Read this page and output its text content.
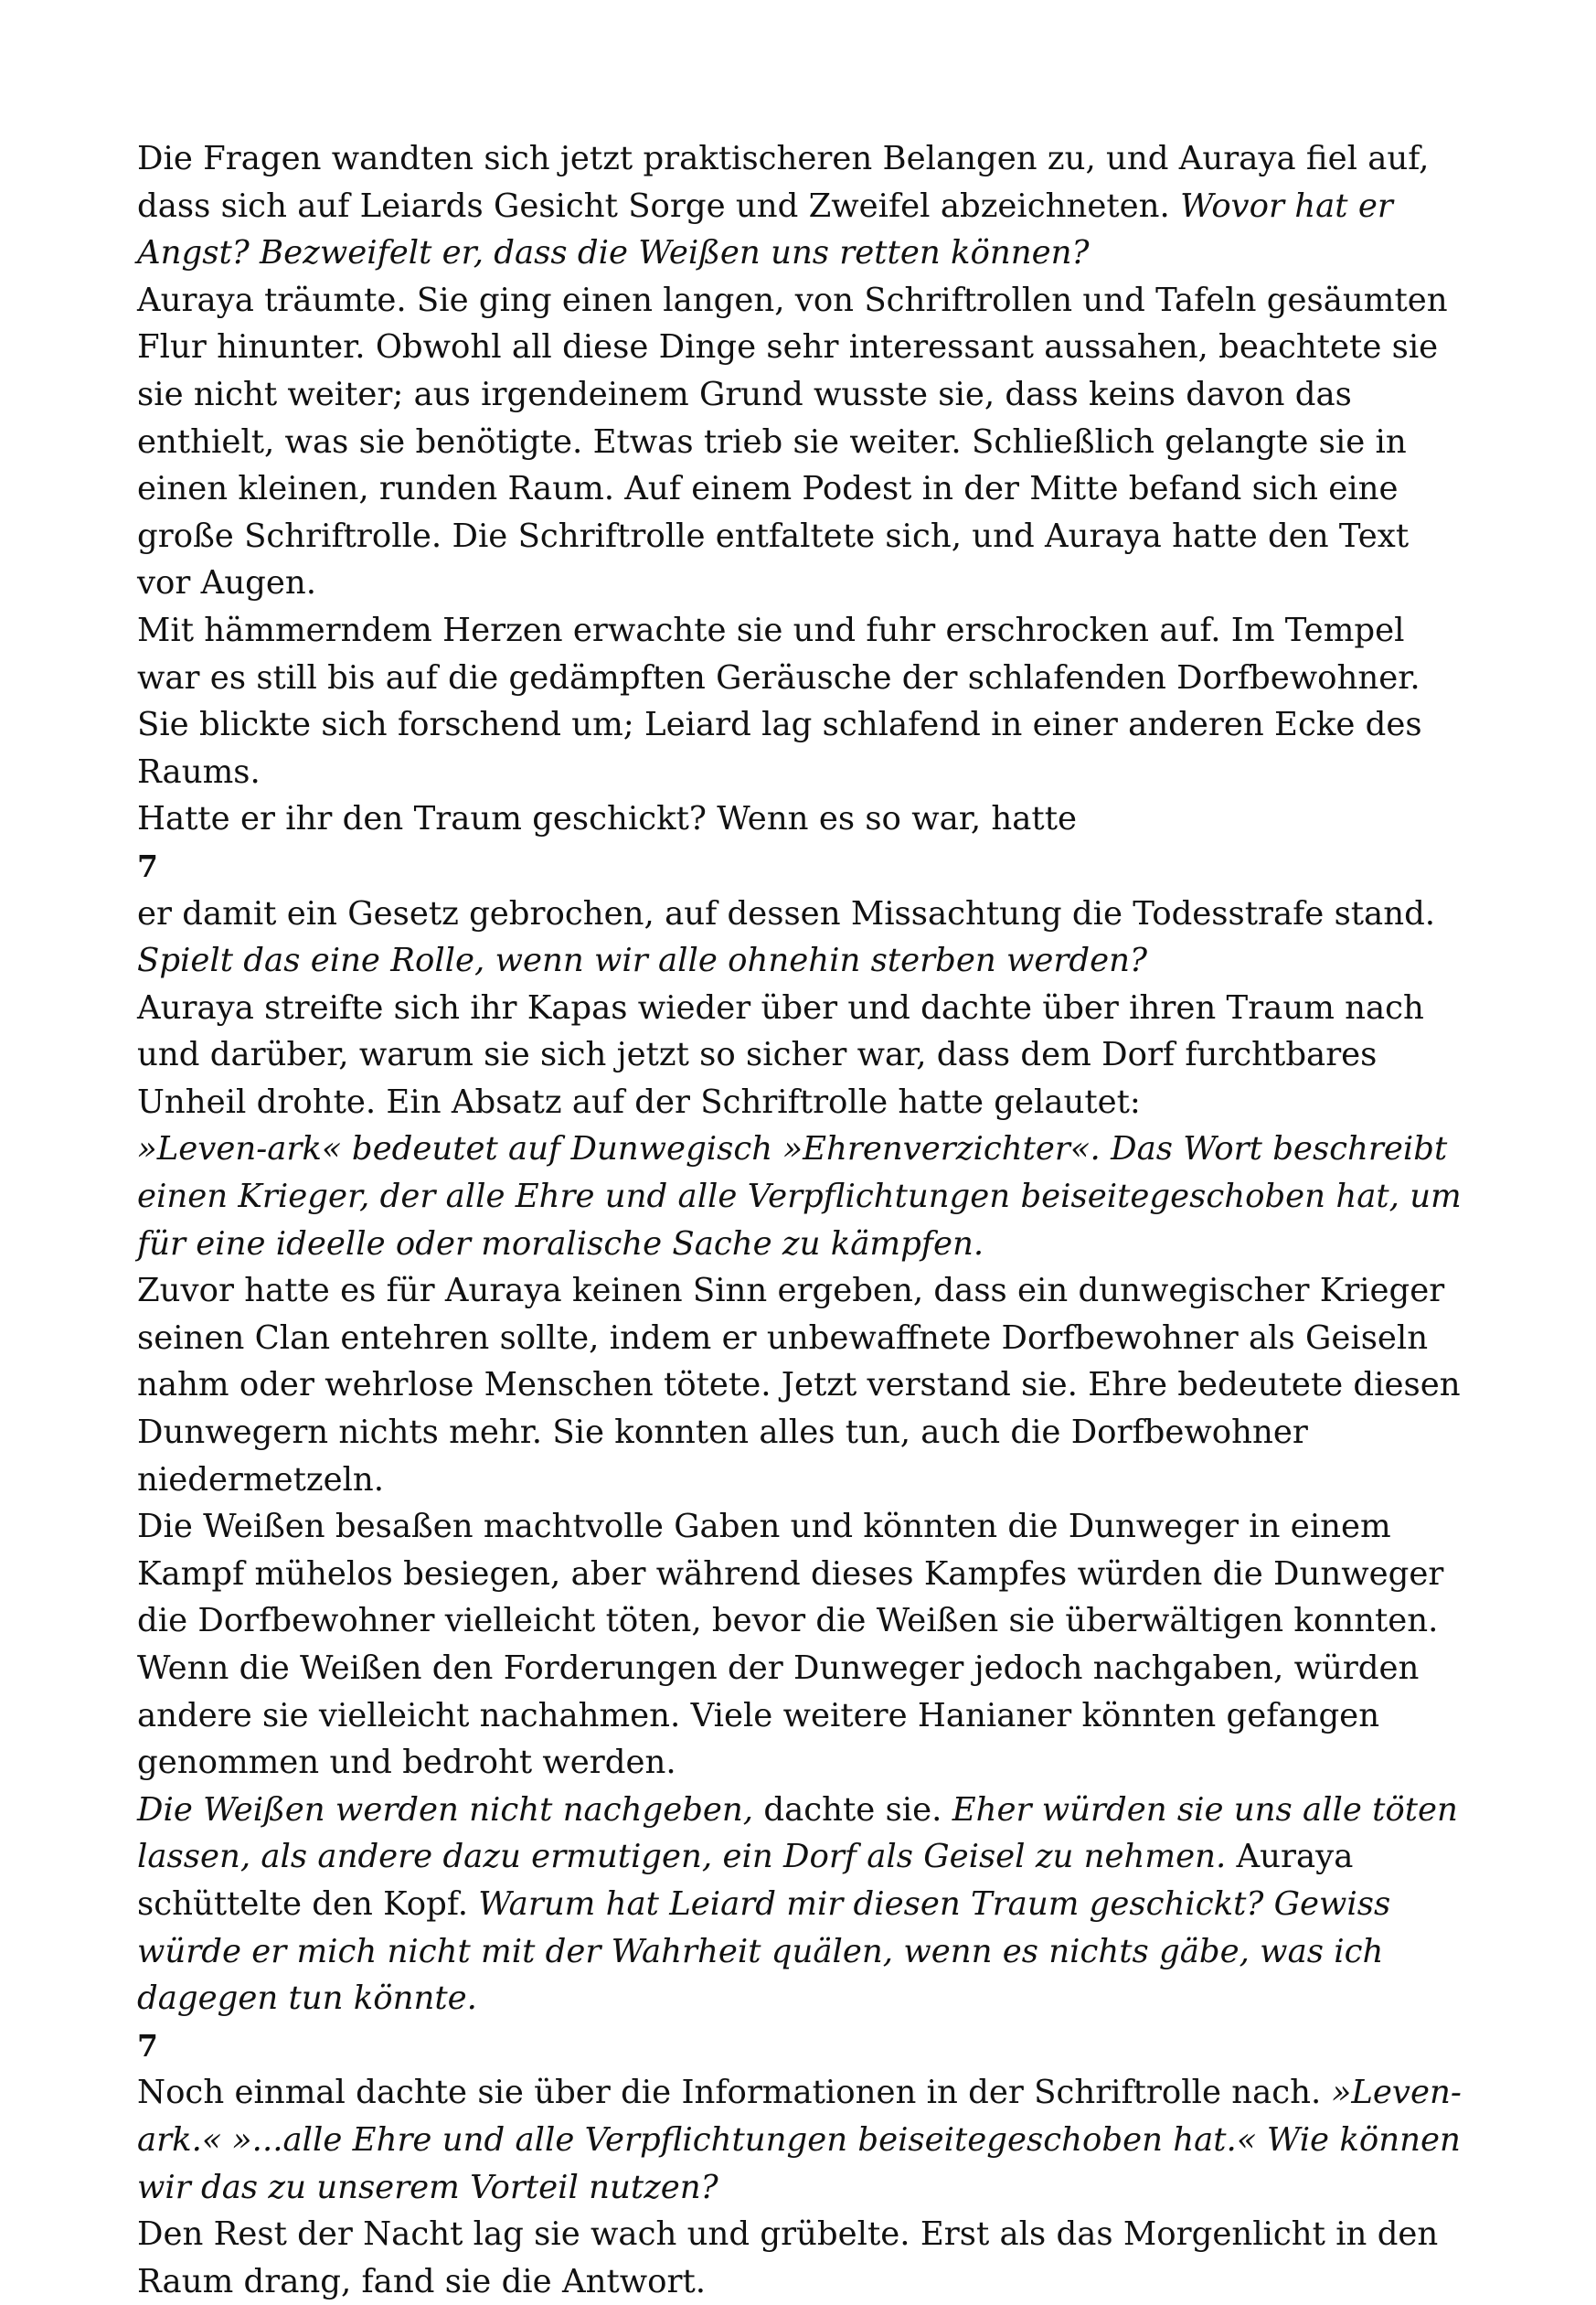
Die Fragen wandten sich jetzt praktischeren Belangen zu, und Auraya fiel auf, dass sich auf Leiards Gesicht Sorge und Zweifel abzeichneten. Wovor hat er Angst? Bezweifelt er, dass die Weißen uns retten können?

Auraya träumte. Sie ging einen langen, von Schriftrollen und Tafeln gesäumten Flur hinunter. Obwohl all diese Dinge sehr interessant aussahen, beachtete sie sie nicht weiter; aus irgendeinem Grund wusste sie, dass keins davon das enthielt, was sie benötigte. Etwas trieb sie weiter. Schließlich gelangte sie in einen kleinen, runden Raum. Auf einem Podest in der Mitte befand sich eine große Schriftrolle. Die Schriftrolle entfaltete sich, und Auraya hatte den Text vor Augen.

Mit hämmerndem Herzen erwachte sie und fuhr erschrocken auf. Im Tempel war es still bis auf die gedämpften Geräusche der schlafenden Dorfbewohner. Sie blickte sich forschend um; Leiard lag schlafend in einer anderen Ecke des Raums.

Hatte er ihr den Traum geschickt? Wenn es so war, hatte

7

er damit ein Gesetz gebrochen, auf dessen Missachtung die Todesstrafe stand.

Spielt das eine Rolle, wenn wir alle ohnehin sterben werden?

Auraya streifte sich ihr Kapas wieder über und dachte über ihren Traum nach und darüber, warum sie sich jetzt so sicher war, dass dem Dorf furchtbares Unheil drohte. Ein Absatz auf der Schriftrolle hatte gelautet:

»Leven-ark« bedeutet auf Dunwegisch »Ehrenverzichter«. Das Wort beschreibt einen Krieger, der alle Ehre und alle Verpflichtungen beiseitegeschoben hat, um für eine ideelle oder moralische Sache zu kämpfen.

Zuvor hatte es für Auraya keinen Sinn ergeben, dass ein dunwegischer Krieger seinen Clan entehren sollte, indem er unbewaffnete Dorfbewohner als Geiseln nahm oder wehrlose Menschen tötete. Jetzt verstand sie. Ehre bedeutete diesen Dunwegern nichts mehr. Sie konnten alles tun, auch die Dorfbewohner niedermetzeln.

Die Weißen besaßen machtvolle Gaben und könnten die Dunweger in einem Kampf mühelos besiegen, aber während dieses Kampfes würden die Dunweger die Dorfbewohner vielleicht töten, bevor die Weißen sie überwältigen konnten. Wenn die Weißen den Forderungen der Dunweger jedoch nachgaben, würden andere sie vielleicht nachahmen. Viele weitere Hanianer könnten gefangen genommen und bedroht werden.

Die Weißen werden nicht nachgeben, dachte sie. Eher würden sie uns alle töten lassen, als andere dazu ermutigen, ein Dorf als Geisel zu nehmen. Auraya schüttelte den Kopf. Warum hat Leiard mir diesen Traum geschickt? Gewiss würde er mich nicht mit der Wahrheit quälen, wenn es nichts gäbe, was ich dagegen tun könnte.

7

Noch einmal dachte sie über die Informationen in der Schriftrolle nach. »Leven-ark.« »...alle Ehre und alle Verpflichtungen beiseitegeschoben hat.« Wie können wir das zu unserem Vorteil nutzen?

Den Rest der Nacht lag sie wach und grübelte. Erst als das Morgenlicht in den Raum drang, fand sie die Antwort.
